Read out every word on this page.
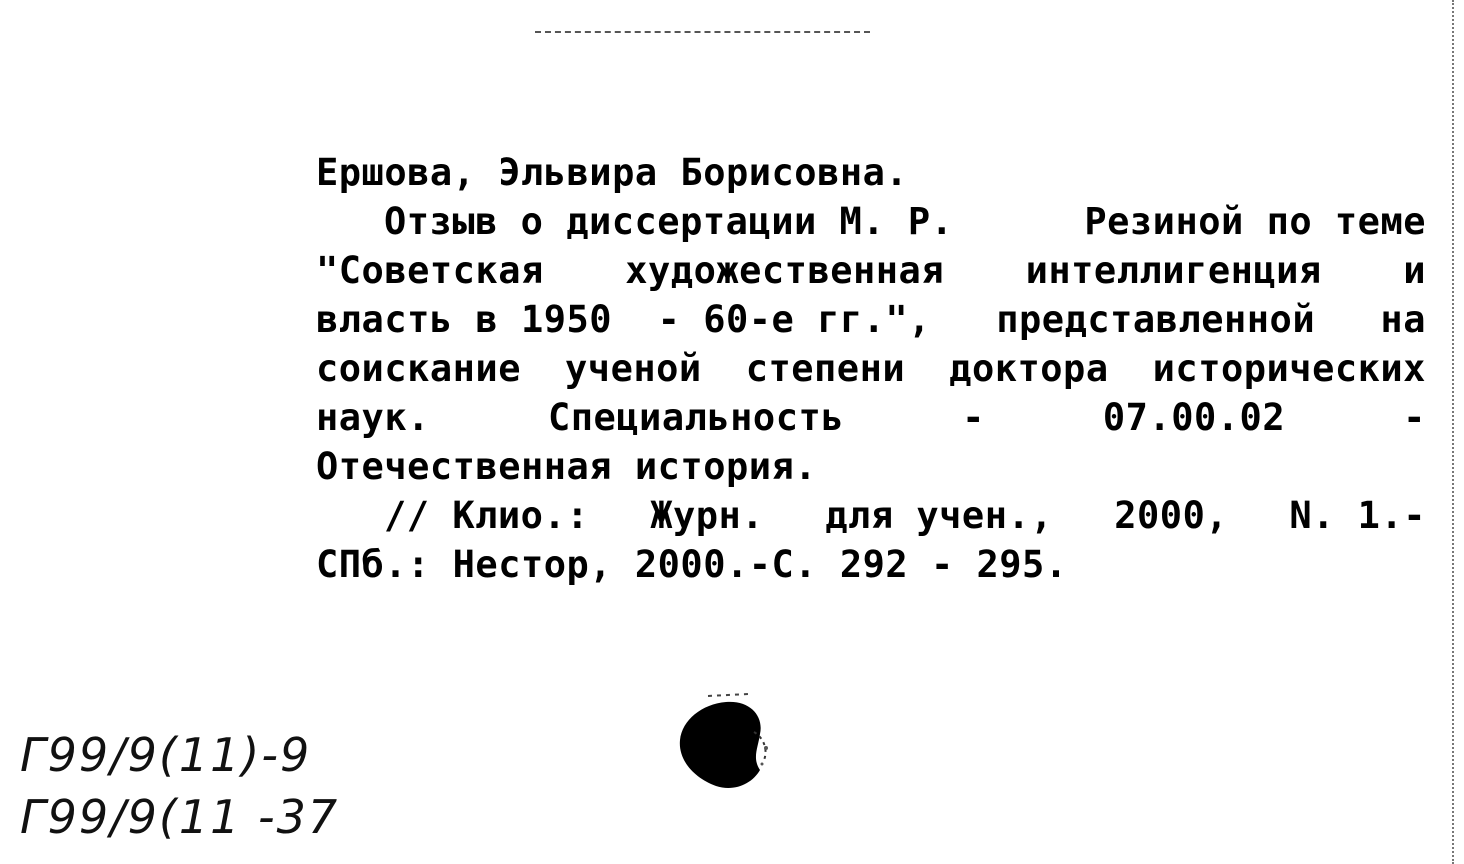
Ершова, Эльвира Борисовна.
Отзыв о диссертации М. Р.	Резиной по теме
"Советская художественная интеллигенция и
власть в 1950  - 60-е гг.", представленной на
соискание ученой степени доктора исторических
наук.	Специальность	-	07.00.02	-
Отечественная история.
// Клио.: Журн. для учен., 2000, N. 1.-
СПб.: Нестор, 2000.-С. 292 - 295.
Г99/9(11)-9
Г99/9(11 -37
